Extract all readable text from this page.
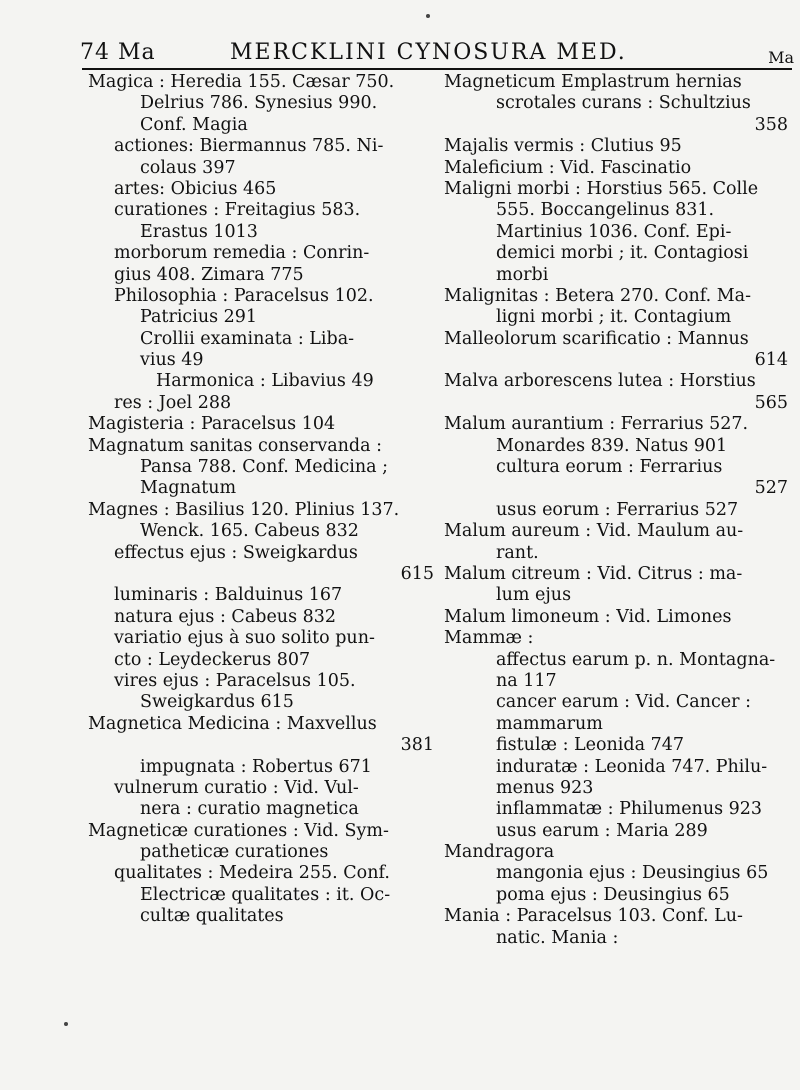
74 Ma	MERCKLINI CYNOSURA MED.	Ma
Magica : Heredia 155. Cæsar 750.
Delrius 786. Synesius 990.
Conf. Magia
actiones: Biermannus 785. Ni-
colaus 397
artes: Obicius 465
curationes : Freitagius 583.
Erastus 1013
morborum remedia : Conrin-
gius 408. Zimara 775
Philosophia : Paracelsus 102.
Patricius 291
Crollii examinata : Liba-
vius 49
Harmonica : Libavius 49
res : Joel 288
Magisteria : Paracelsus 104
Magnatum sanitas conservanda :
Pansa 788. Conf. Medicina ;
Magnatum
Magnes : Basilius 120. Plinius 137.
Wenck. 165. Cabeus 832
effectus ejus : Sweigkardus
615
luminaris : Balduinus 167
natura ejus : Cabeus 832
variatio ejus à suo solito pun-
cto : Leydeckerus 807
vires ejus : Paracelsus 105.
Sweigkardus 615
Magnetica Medicina : Maxvellus
381
impugnata : Robertus 671
vulnerum curatio : Vid. Vul-
nera : curatio magnetica
Magneticæ curationes : Vid. Sym-
patheticæ curationes
qualitates : Medeira 255. Conf.
Electricæ qualitates : it. Oc-
cultæ qualitates
Magneticum Emplastrum hernias
scrotales curans : Schultzius
358
Majalis vermis : Clutius 95
Maleficium : Vid. Fascinatio
Maligni morbi : Horstius 565. Colle
555. Boccangelinus 831.
Martinius 1036. Conf. Epi-
demici morbi ; it. Contagiosi
morbi
Malignitas : Betera 270. Conf. Ma-
ligni morbi ; it. Contagium
Malleolorum scarificatio : Mannus
614
Malva arborescens lutea : Horstius
565
Malum aurantium : Ferrarius 527.
Monardes 839. Natus 901
cultura eorum : Ferrarius
527
usus eorum : Ferrarius 527
Malum aureum : Vid. Maulum au-
rant.
Malum citreum : Vid. Citrus : ma-
lum ejus
Malum limoneum : Vid. Limones
Mammæ :
affectus earum p. n. Montagna-
na 117
cancer earum : Vid. Cancer :
mammarum
fistulæ : Leonida 747
induratæ : Leonida 747. Philu-
menus 923
inflammatæ : Philumenus 923
usus earum : Maria 289
Mandragora
mangonia ejus : Deusingius 65
poma ejus : Deusingius 65
Mania : Paracelsus 103. Conf. Lu-
natic. Mania :
